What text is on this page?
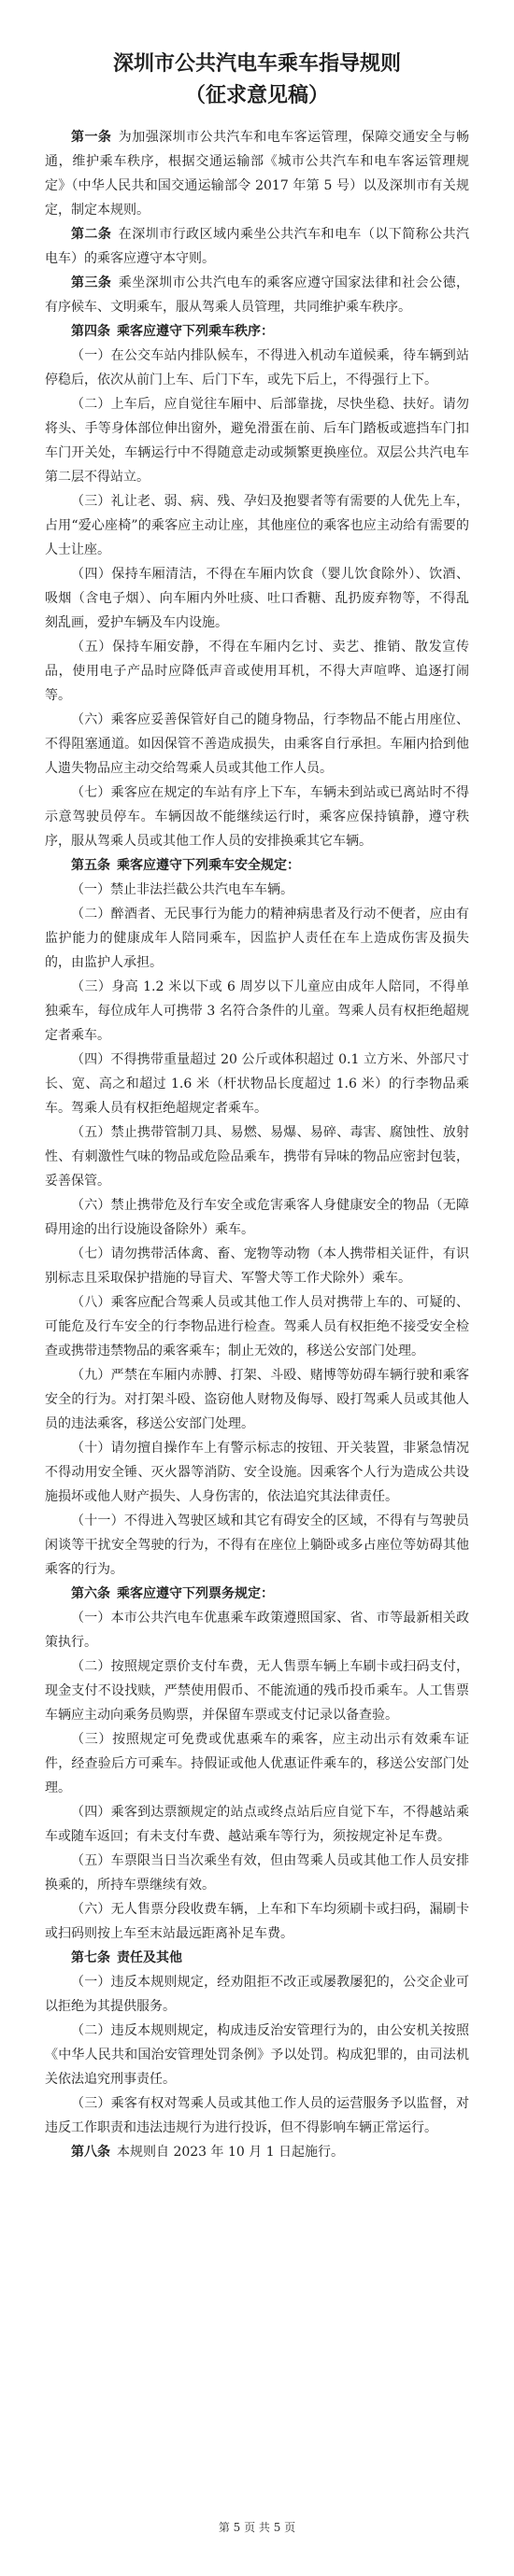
深圳市公共汽电车乘车指导规则
（征求意见稿）

第一条  为加强深圳市公共汽车和电车客运管理，保障交通安全与畅通，维护乘车秩序，根据交通运输部《城市公共汽车和电车客运管理规定》（中华人民共和国交通运输部令 2017 年第 5 号）以及深圳市有关规定，制定本规则。

第二条  在深圳市行政区域内乘坐公共汽车和电车（以下简称公共汽电车）的乘客应遵守本守则。

第三条  乘坐深圳市公共汽电车的乘客应遵守国家法律和社会公德，有序候车、文明乘车，服从驾乘人员管理，共同维护乘车秩序。

第四条  乘客应遵守下列乘车秩序：

（一）在公交车站内排队候车，不得进入机动车道候乘，待车辆到站停稳后，依次从前门上车、后门下车，或先下后上，不得强行上下。

（二）上车后，应自觉往车厢中、后部靠拢，尽快坐稳、扶好。请勿将头、手等身体部位伸出窗外，避免滑蛋在前、后车门踏板或遮挡车门扣车门开关处，车辆运行中不得随意走动或频繁更换座位。双层公共汽电车第二层不得站立。

（三）礼让老、弱、病、残、孕妇及抱婴者等有需要的人优先上车，占用“爱心座椅”的乘客应主动让座，其他座位的乘客也应主动给有需要的人士让座。

（四）保持车厢清洁，不得在车厢内饮食（婴儿饮食除外）、饮酒、吸烟（含电子烟）、向车厢内外吐痰、吐口香糖、乱扔废弃物等，不得乱刻乱画，爱护车辆及车内设施。

（五）保持车厢安静，不得在车厢内乞讨、卖艺、推销、散发宣传品，使用电子产品时应降低声音或使用耳机，不得大声喧哗、追逐打闹等。

（六）乘客应妥善保管好自己的随身物品，行李物品不能占用座位、不得阻塞通道。如因保管不善造成损失，由乘客自行承担。车厢内拾到他人遗失物品应主动交给驾乘人员或其他工作人员。

（七）乘客应在规定的车站有序上下车，车辆未到站或已离站时不得示意驾驶员停车。车辆因故不能继续运行时，乘客应保持镇静，遵守秩序，服从驾乘人员或其他工作人员的安排换乘其它车辆。

第五条  乘客应遵守下列乘车安全规定：

（一）禁止非法拦截公共汽电车车辆。

（二）醉酒者、无民事行为能力的精神病患者及行动不便者，应由有监护能力的健康成年人陪同乘车，因监护人责任在车上造成伤害及损失的，由监护人承担。

（三）身高 1.2 米以下或 6 周岁以下儿童应由成年人陪同，不得单独乘车，每位成年人可携带 3 名符合条件的儿童。驾乘人员有权拒绝超规定者乘车。

（四）不得携带重量超过 20 公斤或体积超过 0.1 立方米、外部尺寸长、宽、高之和超过 1.6 米（杆状物品长度超过 1.6 米）的行李物品乘车。驾乘人员有权拒绝超规定者乘车。

（五）禁止携带管制刀具、易燃、易爆、易碎、毒害、腐蚀性、放射性、有刺激性气味的物品或危险品乘车，携带有异味的物品应密封包装，妥善保管。

（六）禁止携带危及行车安全或危害乘客人身健康安全的物品（无障碍用途的出行设施设备除外）乘车。

（七）请勿携带活体禽、畜、宠物等动物（本人携带相关证件，有识别标志且采取保护措施的导盲犬、军警犬等工作犬除外）乘车。

（八）乘客应配合驾乘人员或其他工作人员对携带上车的、可疑的、可能危及行车安全的行李物品进行检查。驾乘人员有权拒绝不接受安全检查或携带违禁物品的乘客乘车；制止无效的，移送公安部门处理。

（九）严禁在车厢内赤膊、打架、斗殴、赌博等妨碍车辆行驶和乘客安全的行为。对打架斗殴、盗窃他人财物及侮辱、殴打驾乘人员或其他人员的违法乘客，移送公安部门处理。

（十）请勿擅自操作车上有警示标志的按钮、开关装置，非紧急情况不得动用安全锤、灭火器等消防、安全设施。因乘客个人行为造成公共设施损坏或他人财产损失、人身伤害的，依法追究其法律责任。

（十一）不得进入驾驶区域和其它有碍安全的区域，不得有与驾驶员闲谈等干扰安全驾驶的行为，不得有在座位上躺卧或多占座位等妨碍其他乘客的行为。

第六条  乘客应遵守下列票务规定：

（一）本市公共汽电车优惠乘车政策遵照国家、省、市等最新相关政策执行。

（二）按照规定票价支付车费，无人售票车辆上车刷卡或扫码支付，现金支付不设找赎，严禁使用假币、不能流通的残币投币乘车。人工售票车辆应主动向乘务员购票，并保留车票或支付记录以备查验。

（三）按照规定可免费或优惠乘车的乘客，应主动出示有效乘车证件，经查验后方可乘车。持假证或他人优惠证件乘车的，移送公安部门处理。

（四）乘客到达票额规定的站点或终点站后应自觉下车，不得越站乘车或随车返回；有未支付车费、越站乘车等行为，须按规定补足车费。

（五）车票限当日当次乘坐有效，但由驾乘人员或其他工作人员安排换乘的，所持车票继续有效。

（六）无人售票分段收费车辆，上车和下车均须刷卡或扫码，漏刷卡或扫码则按上车至末站最远距离补足车费。

第七条  责任及其他

（一）违反本规则规定，经劝阻拒不改正或屡教屡犯的，公交企业可以拒绝为其提供服务。

（二）违反本规则规定，构成违反治安管理行为的，由公安机关按照《中华人民共和国治安管理处罚条例》予以处罚。构成犯罪的，由司法机关依法追究刑事责任。

（三）乘客有权对驾乘人员或其他工作人员的运营服务予以监督，对违反工作职责和违法违规行为进行投诉，但不得影响车辆正常运行。

第八条  本规则自 2023 年 10 月 1 日起施行。

第 5 页 共 5 页
